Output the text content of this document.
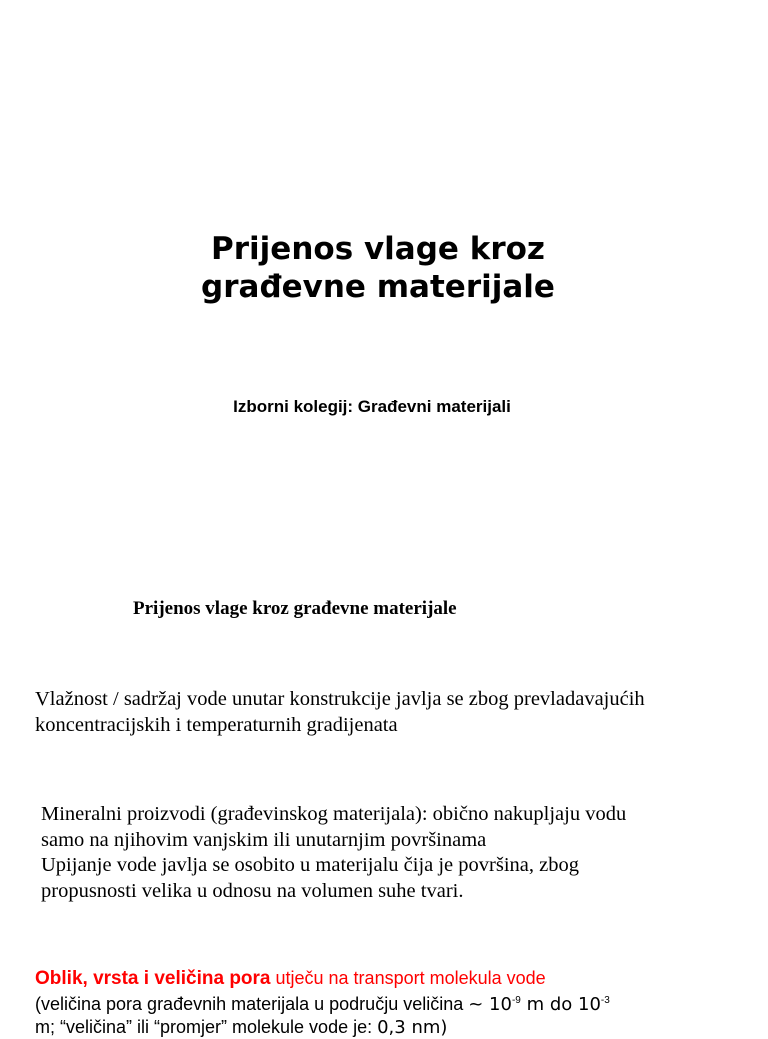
Prijenos vlage kroz
građevne materijale
Izborni kolegij: Građevni materijali
Prijenos vlage kroz građevne materijale
Vlažnost / sadržaj vode unutar konstrukcije javlja se zbog prevladavajućih
koncentracijskih i temperaturnih gradijenata
Mineralni proizvodi (građevinskog materijala): obično nakupljaju vodu
samo na njihovim vanjskim ili unutarnjim površinama
Upijanje vode javlja se osobito u materijalu čija je površina, zbog
propusnosti velika u odnosu na volumen suhe tvari.
Oblik, vrsta i veličina pora utječu na transport molekula vode
(veličina pora građevnih materijala u području veličina ~ $10^{-9}$ m do $10^{-3}$
m; “veličina” ili “promjer” molekule vode je: 0,3 nm)
